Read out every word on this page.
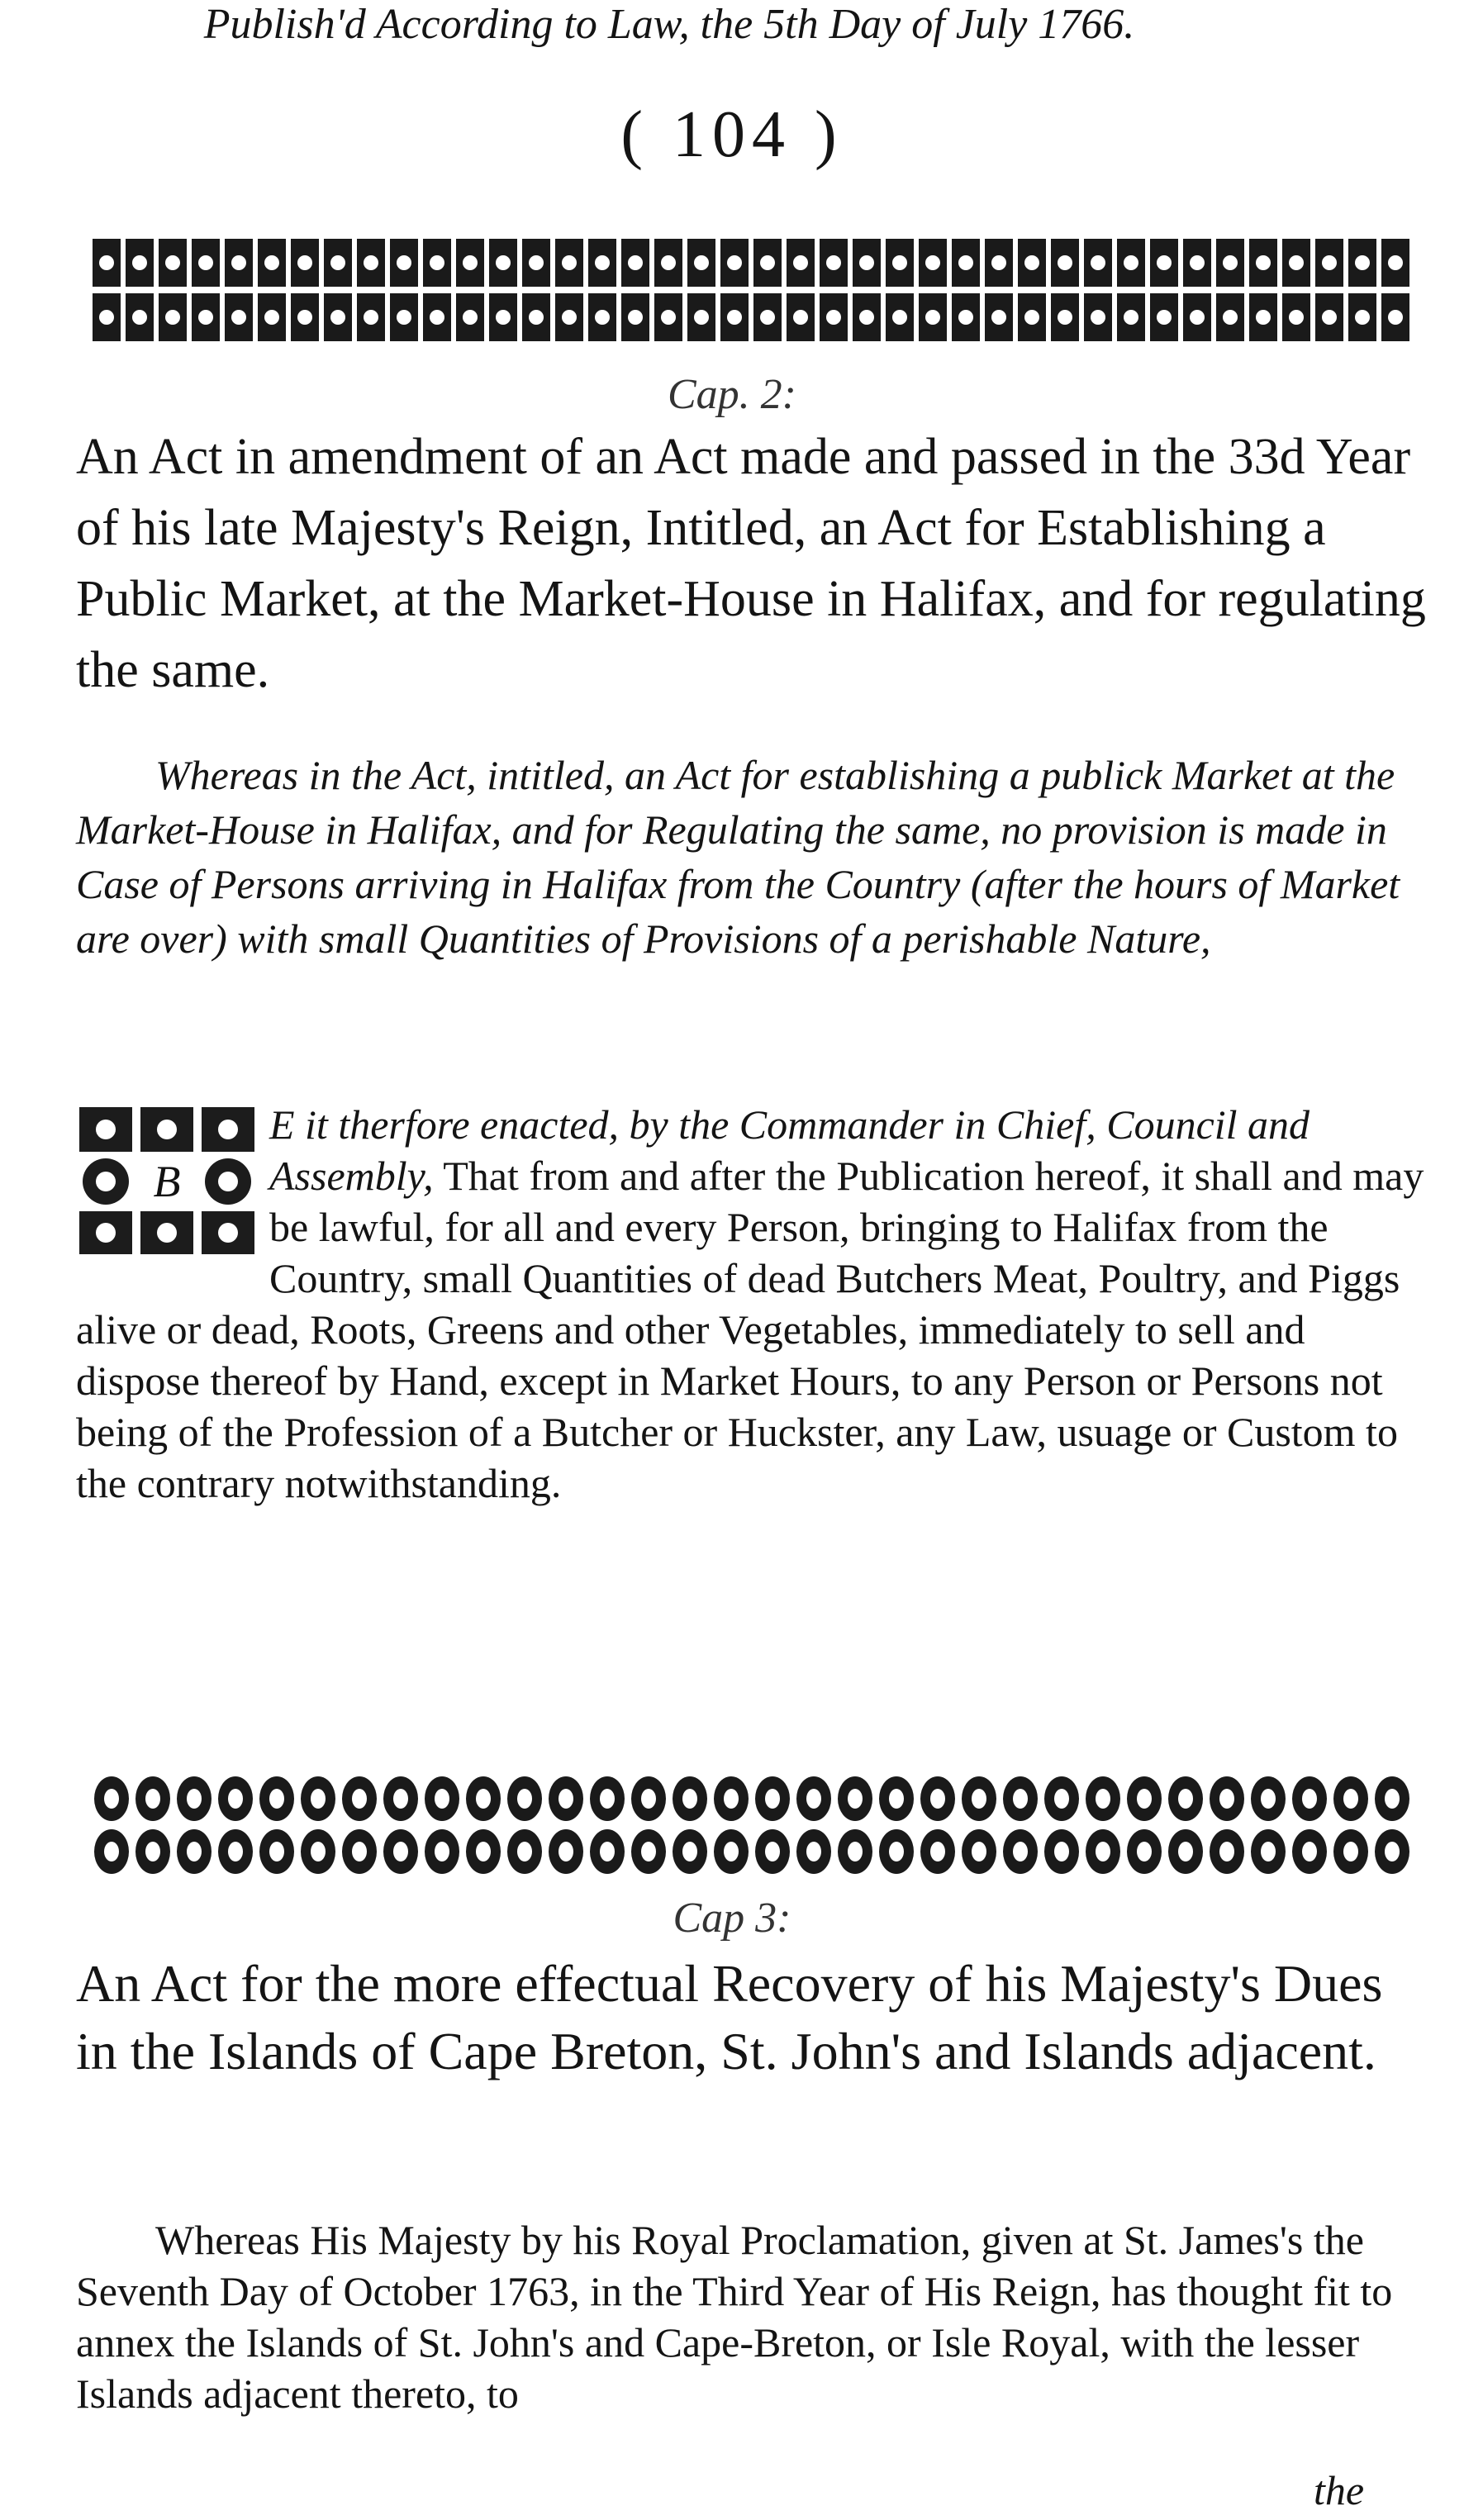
( 104 )
Cap. 2:

An Act in amendment of an Act made and passed in the 33d Year of his late Majesty's Reign, Intitled, an Act for Establishing a Public Market, at the Market-House in Halifax, and for regulating the same.

Whereas in the Act, intitled, an Act for establishing a publick Market at the Market-House in Halifax, and for Regulating the same, no provision is made in Case of Persons arriving in Halifax from the Country (after the hours of Market are over) with small Quantities of Provisions of a perishable Nature,

B

E it therfore enacted, by the Commander in Chief, Council and Assembly, That from and after the Publication hereof, it shall and may be lawful, for all and every Person, bringing to Halifax from the Country, small Quantities of dead Butchers Meat, Poultry, and Piggs alive or dead, Roots, Greens and other Vegetables, immediately to sell and dispose thereof by Hand, except in Market Hours, to any Person or Persons not being of the Profession of a Butcher or Huckster, any Law, usuage or Custom to the contrary notwithstanding.

Publish'd According to Law, the 5th Day of July 1766.
Cap 3:

An Act for the more effectual Recovery of his Majesty's Dues in the Islands of Cape Breton, St. John's and Islands adjacent.

Whereas His Majesty by his Royal Proclamation, given at St. James's the Seventh Day of October 1763, in the Third Year of His Reign, has thought fit to annex the Islands of St. John's and Cape-Breton, or Isle Royal, with the lesser Islands adjacent thereto, to

the
